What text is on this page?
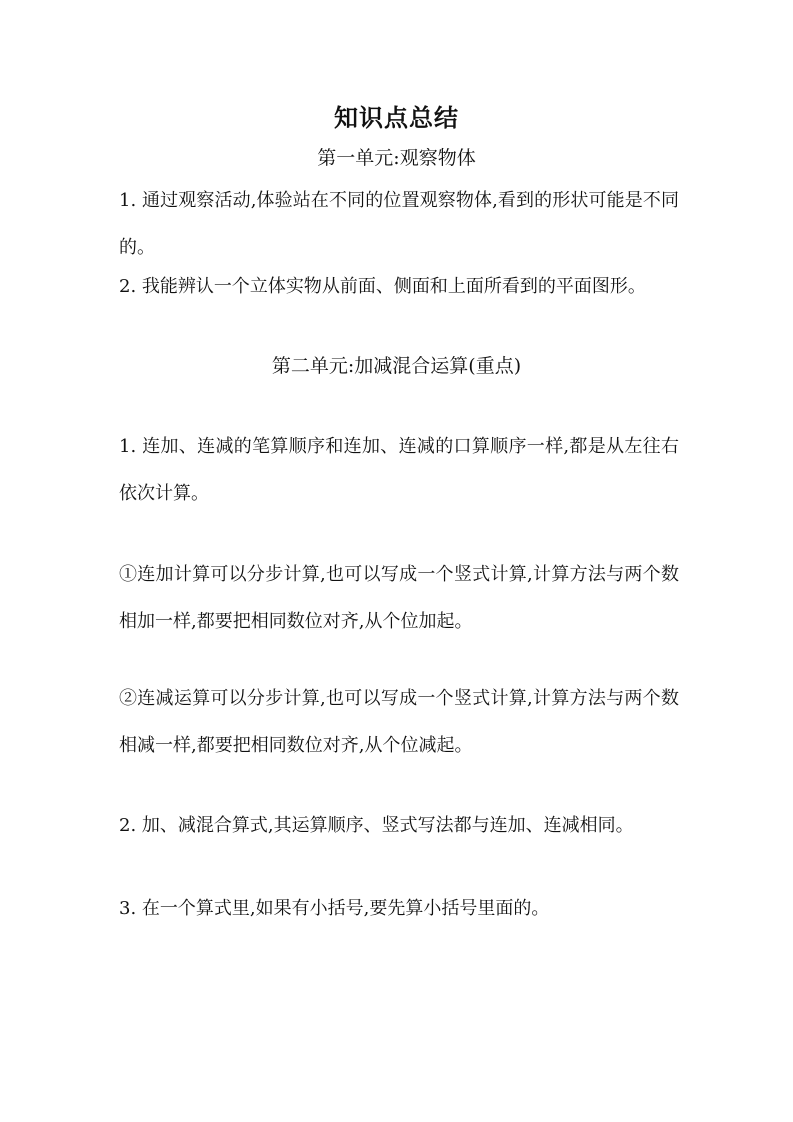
知识点总结
第一单元:观察物体
1. 通过观察活动,体验站在不同的位置观察物体,看到的形状可能是不同的。
2. 我能辨认一个立体实物从前面、侧面和上面所看到的平面图形。
第二单元:加减混合运算(重点)
1. 连加、连减的笔算顺序和连加、连减的口算顺序一样,都是从左往右依次计算。
①连加计算可以分步计算,也可以写成一个竖式计算,计算方法与两个数相加一样,都要把相同数位对齐,从个位加起。
②连减运算可以分步计算,也可以写成一个竖式计算,计算方法与两个数相减一样,都要把相同数位对齐,从个位减起。
2. 加、减混合算式,其运算顺序、竖式写法都与连加、连减相同。
3. 在一个算式里,如果有小括号,要先算小括号里面的。
